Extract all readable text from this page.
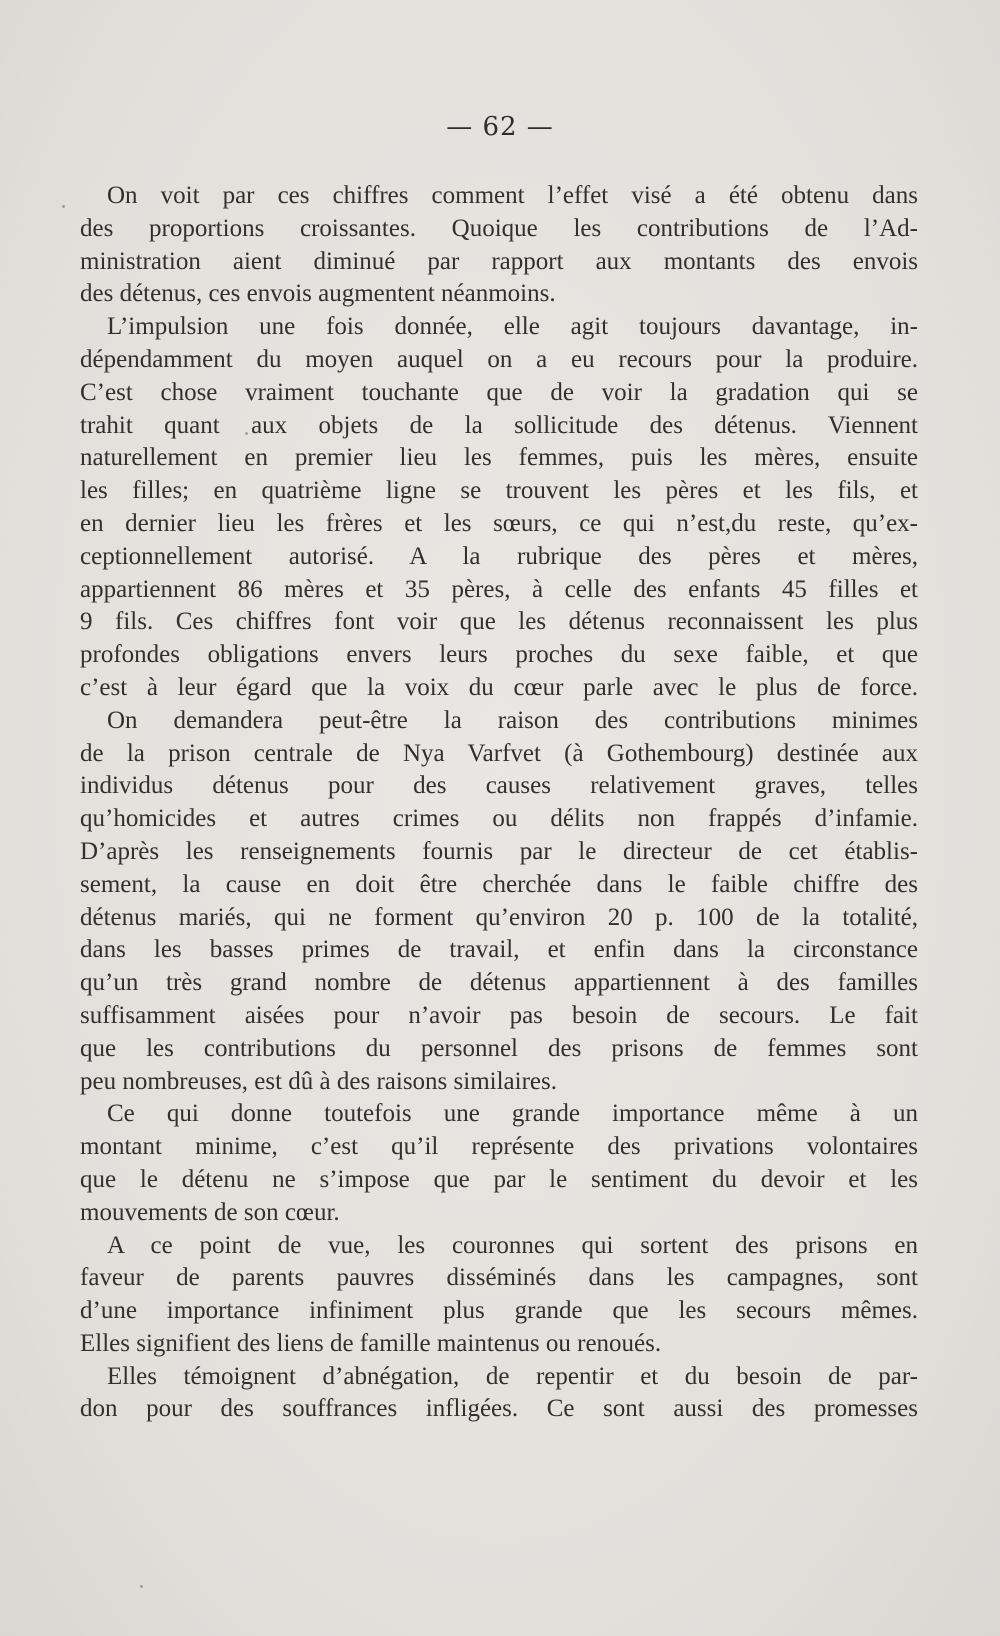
— 62 —
On voit par ces chiffres comment l’effet visé a été obtenu dans
des proportions croissantes. Quoique les contributions de l’Ad-
ministration aient diminué par rapport aux montants des envois
des détenus, ces envois augmentent néanmoins.
L’impulsion une fois donnée, elle agit toujours davantage, in-
dépendamment du moyen auquel on a eu recours pour la produire.
C’est chose vraiment touchante que de voir la gradation qui se
trahit quant aux objets de la sollicitude des détenus. Viennent
naturellement en premier lieu les femmes, puis les mères, ensuite
les filles; en quatrième ligne se trouvent les pères et les fils, et
en dernier lieu les frères et les sœurs, ce qui n’est,du reste, qu’ex-
ceptionnellement autorisé. A la rubrique des pères et mères,
appartiennent 86 mères et 35 pères, à celle des enfants 45 filles et
9 fils. Ces chiffres font voir que les détenus reconnaissent les plus
profondes obligations envers leurs proches du sexe faible, et que
c’est à leur égard que la voix du cœur parle avec le plus de force.
On demandera peut-être la raison des contributions minimes
de la prison centrale de Nya Varfvet (à Gothembourg) destinée aux
individus détenus pour des causes relativement graves, telles
qu’homicides et autres crimes ou délits non frappés d’infamie.
D’après les renseignements fournis par le directeur de cet établis-
sement, la cause en doit être cherchée dans le faible chiffre des
détenus mariés, qui ne forment qu’environ 20 p. 100 de la totalité,
dans les basses primes de travail, et enfin dans la circonstance
qu’un très grand nombre de détenus appartiennent à des familles
suffisamment aisées pour n’avoir pas besoin de secours. Le fait
que les contributions du personnel des prisons de femmes sont
peu nombreuses, est dû à des raisons similaires.
Ce qui donne toutefois une grande importance même à un
montant minime, c’est qu’il représente des privations volontaires
que le détenu ne s’impose que par le sentiment du devoir et les
mouvements de son cœur.
A ce point de vue, les couronnes qui sortent des prisons en
faveur de parents pauvres disséminés dans les campagnes, sont
d’une importance infiniment plus grande que les secours mêmes.
Elles signifient des liens de famille maintenus ou renoués.
Elles témoignent d’abnégation, de repentir et du besoin de par-
don pour des souffrances infligées. Ce sont aussi des promesses
